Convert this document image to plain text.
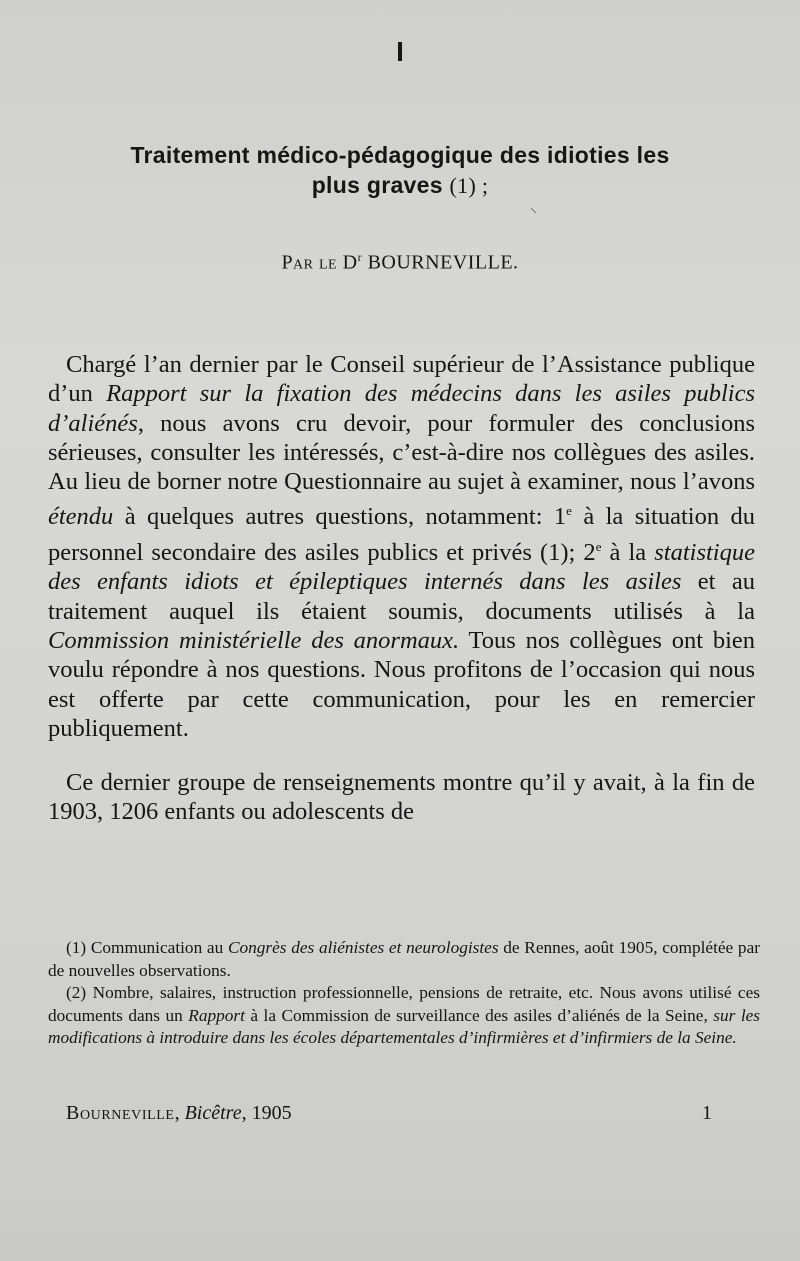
I
Traitement médico-pédagogique des idioties les
plus graves (1) ;
⸌
Par le $D^r$ BOURNEVILLE.

Chargé l’an dernier par le Conseil supérieur de l’Assistance publique d’un Rapport sur la fixation des médecins dans les asiles publics d’aliénés, nous avons cru devoir, pour formuler des conclusions sérieuses, consulter les intéressés, c’est-à-dire nos collègues des asiles. Au lieu de borner notre Questionnaire au sujet à examiner, nous l’avons étendu à quelques autres questions, notamment: 1e à la situation du personnel secondaire des asiles publics et privés (1); 2e à la statistique des enfants idiots et épileptiques internés dans les asiles et au traitement auquel ils étaient soumis, documents utilisés à la Commission ministérielle des anormaux. Tous nos collègues ont bien voulu répondre à nos questions. Nous profitons de l’occasion qui nous est offerte par cette communication, pour les en remercier publiquement.

Ce dernier groupe de renseignements montre qu’il y avait, à la fin de 1903, 1206 enfants ou adolescents de

(1) Communication au Congrès des aliénistes et neurologistes de Rennes, août 1905, complétée par de nouvelles observations.

(2) Nombre, salaires, instruction professionnelle, pensions de retraite, etc. Nous avons utilisé ces documents dans un Rapport à la Commission de surveillance des asiles d’aliénés de la Seine, sur les modifications à introduire dans les écoles départementales d’infirmières et d’infirmiers de la Seine.

Bourneville, Bicêtre, 1905	1
